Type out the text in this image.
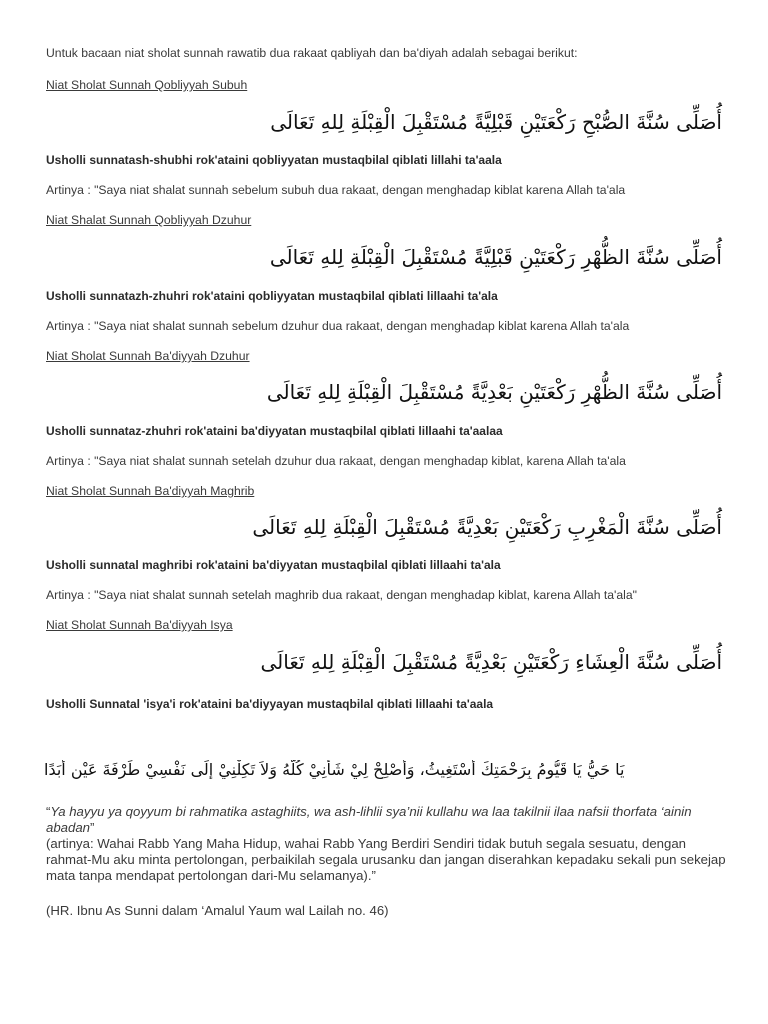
Untuk bacaan niat sholat sunnah rawatib dua rakaat qabliyah dan ba'diyah adalah sebagai berikut:
Niat Sholat Sunnah Qobliyyah Subuh
أُصَلِّى سُنَّةَ الصُّبْحِ رَكْعَتَيْنِ قَبْلِيَّةً مُسْتَقْبِلَ الْقِبْلَةِ لِلهِ تَعَالَى
Usholli sunnatash-shubhi rok'ataini qobliyyatan mustaqbilal qiblati lillahi ta'aala
Artinya : "Saya niat shalat sunnah sebelum subuh dua rakaat, dengan menghadap kiblat karena Allah ta'ala
Niat Shalat Sunnah Qobliyyah Dzuhur
أُصَلِّى سُنَّةَ الظُّهْرِ رَكْعَتَيْنِ قَبْلِيَّةً مُسْتَقْبِلَ الْقِبْلَةِ لِلهِ تَعَالَى
Usholli sunnatazh-zhuhri rok'ataini qobliyyatan mustaqbilal qiblati lillaahi ta'ala
Artinya : "Saya niat shalat sunnah sebelum dzuhur dua rakaat, dengan menghadap kiblat karena Allah ta'ala
Niat Sholat Sunnah Ba'diyyah Dzuhur
أُصَلِّى سُنَّةَ الظُّهْرِ رَكْعَتَيْنِ بَعْدِيَّةً مُسْتَقْبِلَ الْقِبْلَةِ لِلهِ تَعَالَى
Usholli sunnataz-zhuhri rok'ataini ba'diyyatan mustaqbilal qiblati lillaahi ta'aalaa
Artinya : "Saya niat shalat sunnah setelah dzuhur dua rakaat, dengan menghadap kiblat, karena Allah ta'ala
Niat Sholat Sunnah Ba'diyyah Maghrib
أُصَلِّى سُنَّةَ الْمَغْرِبِ رَكْعَتَيْنِ بَعْدِيَّةً مُسْتَقْبِلَ الْقِبْلَةِ لِلهِ تَعَالَى
Usholli sunnatal maghribi rok'ataini ba'diyyatan mustaqbilal qiblati lillaahi ta'ala
Artinya : "Saya niat shalat sunnah setelah maghrib dua rakaat, dengan menghadap kiblat, karena Allah ta'ala"
Niat Sholat Sunnah Ba'diyyah Isya
أُصَلِّى سُنَّةَ الْعِشَاءِ رَكْعَتَيْنِ بَعْدِيَّةً مُسْتَقْبِلَ الْقِبْلَةِ لِلهِ تَعَالَى
Usholli Sunnatal 'isya'i rok'ataini ba'diyyayan mustaqbilal qiblati lillaahi ta'aala
يَا حَيُّ يَا قَيُّومُ بِرَحْمَتِكَ أَسْتَغِيثُ، وَأَصْلِحْ لِيْ شَأْنِيْ كُلَّهُ وَلاَ تَكِلْنِيْ إِلَى نَفْسِيْ طَرْفَةَ عَيْنٍ أَبَدًا
“Ya hayyu ya qoyyum bi rahmatika astaghiits, wa ash-lihlii sya’nii kullahu wa laa takilnii ilaa nafsii thorfata ‘ainin abadan”
(artinya: Wahai Rabb Yang Maha Hidup, wahai Rabb Yang Berdiri Sendiri tidak butuh segala sesuatu, dengan rahmat-Mu aku minta pertolongan, perbaikilah segala urusanku dan jangan diserahkan kepadaku sekali pun sekejap mata tanpa mendapat pertolongan dari-Mu selamanya).”
(HR. Ibnu As Sunni dalam ‘Amalul Yaum wal Lailah no. 46)
